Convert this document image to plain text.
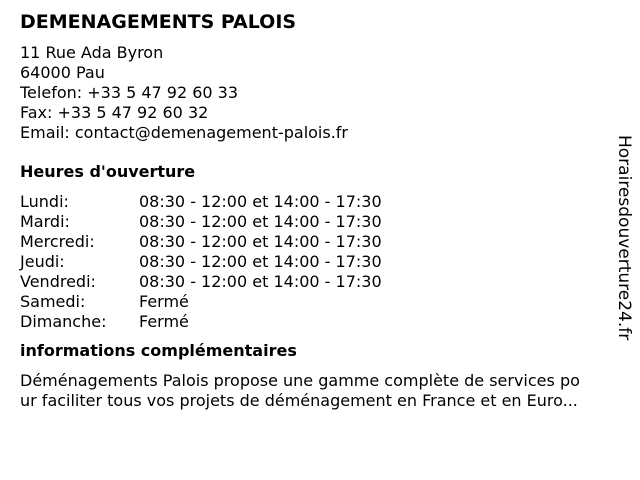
DEMENAGEMENTS PALOIS
11 Rue Ada Byron
64000 Pau
Telefon: +33 5 47 92 60 33
Fax: +33 5 47 92 60 32
Email: contact@demenagement-palois.fr
Heures d'ouverture
Lundi:	08:30 - 12:00 et 14:00 - 17:30
Mardi:	08:30 - 12:00 et 14:00 - 17:30
Mercredi:	08:30 - 12:00 et 14:00 - 17:30
Jeudi:	08:30 - 12:00 et 14:00 - 17:30
Vendredi:	08:30 - 12:00 et 14:00 - 17:30
Samedi:	Fermé
Dimanche: Fermé
informations complémentaires
Déménagements Palois propose une gamme complète de services po
ur faciliter tous vos projets de déménagement en France et en Euro...
Horairesdouverture24.fr
